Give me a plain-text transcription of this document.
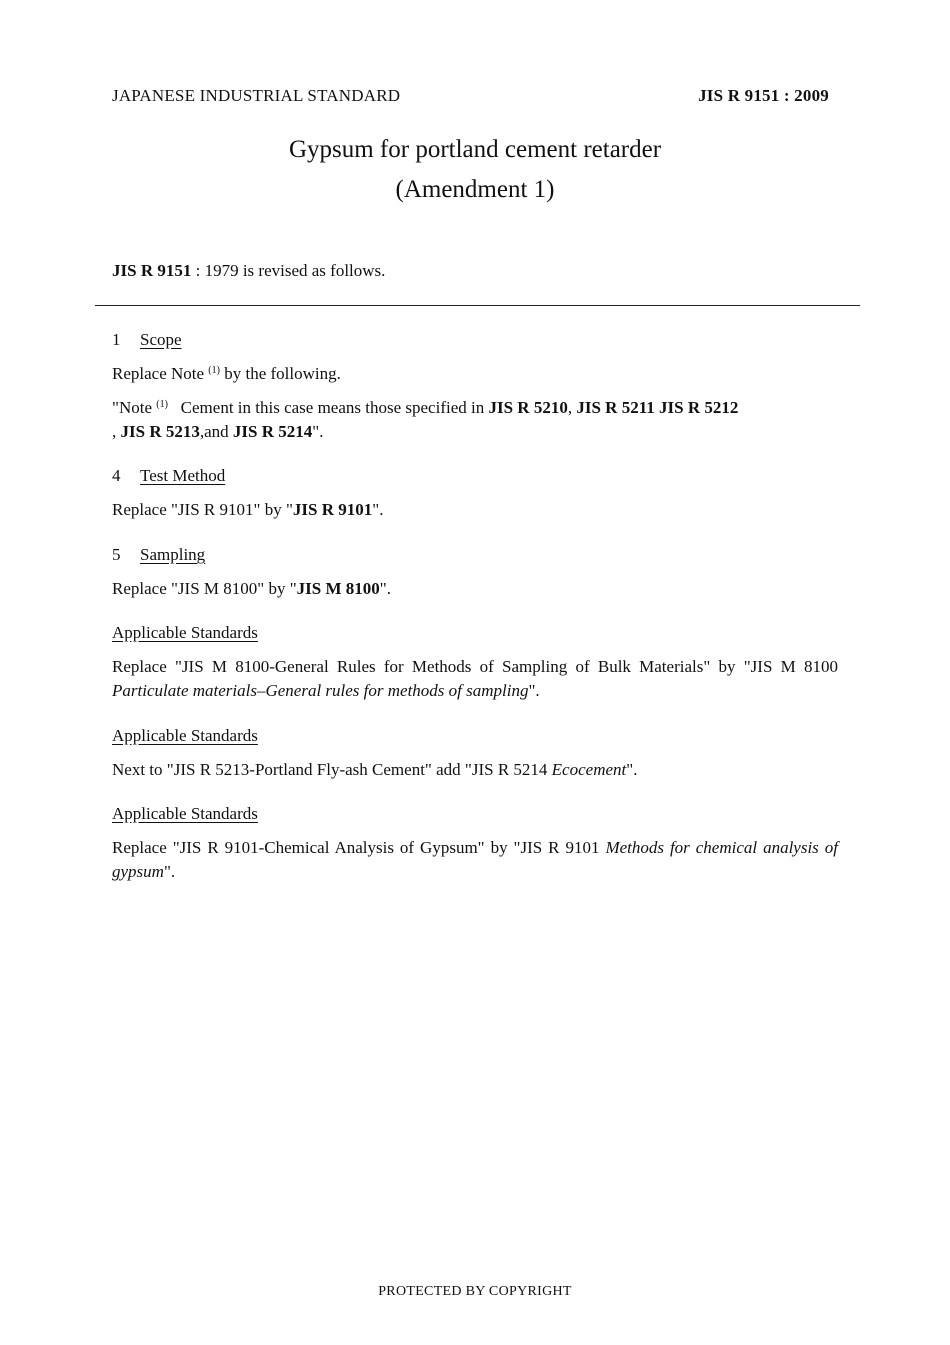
JAPANESE INDUSTRIAL STANDARD	JIS R 9151 : 2009
Gypsum for portland cement retarder
(Amendment 1)
JIS R 9151 : 1979 is revised as follows.
1 Scope
Replace Note $^{(1)}$ by the following.
"Note $^{(1)}$   Cement in this case means those specified in JIS R 5210, JIS R 5211 JIS R 5212
, JIS R 5213,and JIS R 5214".
4 Test Method
Replace "JIS R 9101" by "JIS R 9101".
5 Sampling
Replace "JIS M 8100" by "JIS M 8100".
Applicable Standards
Replace "JIS M 8100-General Rules for Methods of Sampling of Bulk Materials" by "JIS M 8100 Particulate materials–General rules for methods of sampling".
Applicable Standards
Next to "JIS R 5213-Portland Fly-ash Cement" add "JIS R 5214 Ecocement".
Applicable Standards
Replace "JIS R 9101-Chemical Analysis of Gypsum" by "JIS R 9101 Methods for chemical analysis of gypsum".
PROTECTED BY COPYRIGHT
